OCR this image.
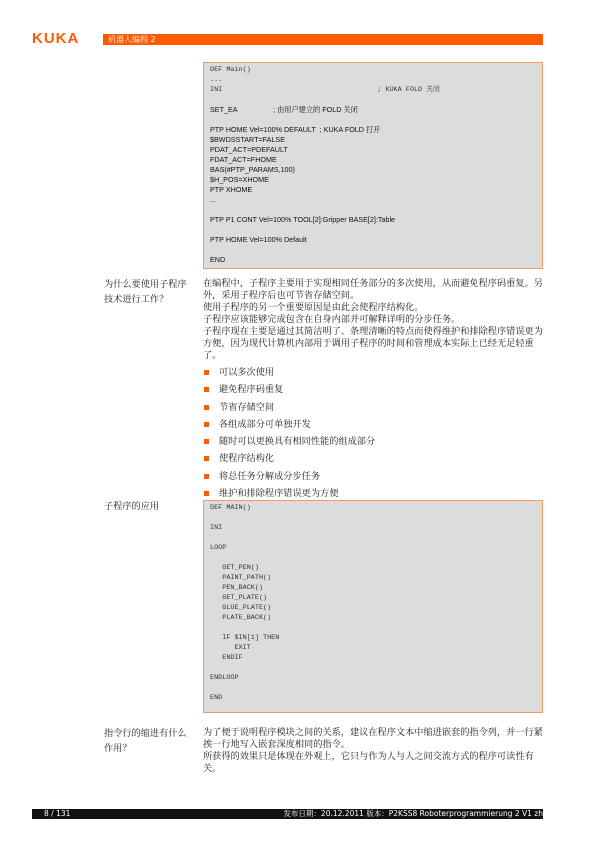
KUKA	机器人编程 2
DEF Main()
...
INI                                      ; KUKA FOLD 关闭
SET_EA                  ; 由用户建立的 FOLD 关闭
PTP HOME Vel=100% DEFAULT  ; KUKA FOLD 打开
$BWDSSTART=FALSE
PDAT_ACT=PDEFAULT
FDAT_ACT=FHOME
BAS(#PTP_PARAMS,100)
$H_POS=XHOME
PTP XHOME
...
PTP P1 CONT Vel=100% TOOL[2]:Gripper BASE[2]:Table
PTP HOME Vel=100% Default
END
为什么要使用子程序技术进行工作？

在编程中，子程序主要用于实现相同任务部分的多次使用，从而避免程序码重复。另外，采用子程序后也可节省存储空间。

使用子程序的另一个重要原因是由此会使程序结构化。

子程序应该能够完成包含在自身内部并可解释详明的分步任务。

子程序现在主要是通过其简洁明了、条理清晰的特点而使得维护和排除程序错误更为方便，因为现代计算机内部用于调用子程序的时间和管理成本实际上已经无足轻重了。

可以多次使用
避免程序码重复
节省存储空间
各组成部分可单独开发
随时可以更换具有相同性能的组成部分
使程序结构化
将总任务分解成分步任务
维护和排除程序错误更为方便
子程序的应用	DEF MAIN()
INI
LOOP
GET_PEN()
PAINT_PATH()
PEN_BACK()
GET_PLATE()
GLUE_PLATE()
PLATE_BACK()
IF $IN[1] THEN
EXIT
ENDIF
ENDLOOP
END
指令行的缩进有什么作用？

为了便于说明程序模块之间的关系，建议在程序文本中缩进嵌套的指令列，并一行紧挨一行地写入嵌套深度相同的指令。

所获得的效果只是体现在外观上，它只与作为人与人之间交流方式的程序可读性有关。

8 / 131	发布日期：20.12.2011 版本：P2KSS8 Roboterprogrammierung 2 V1 zh
